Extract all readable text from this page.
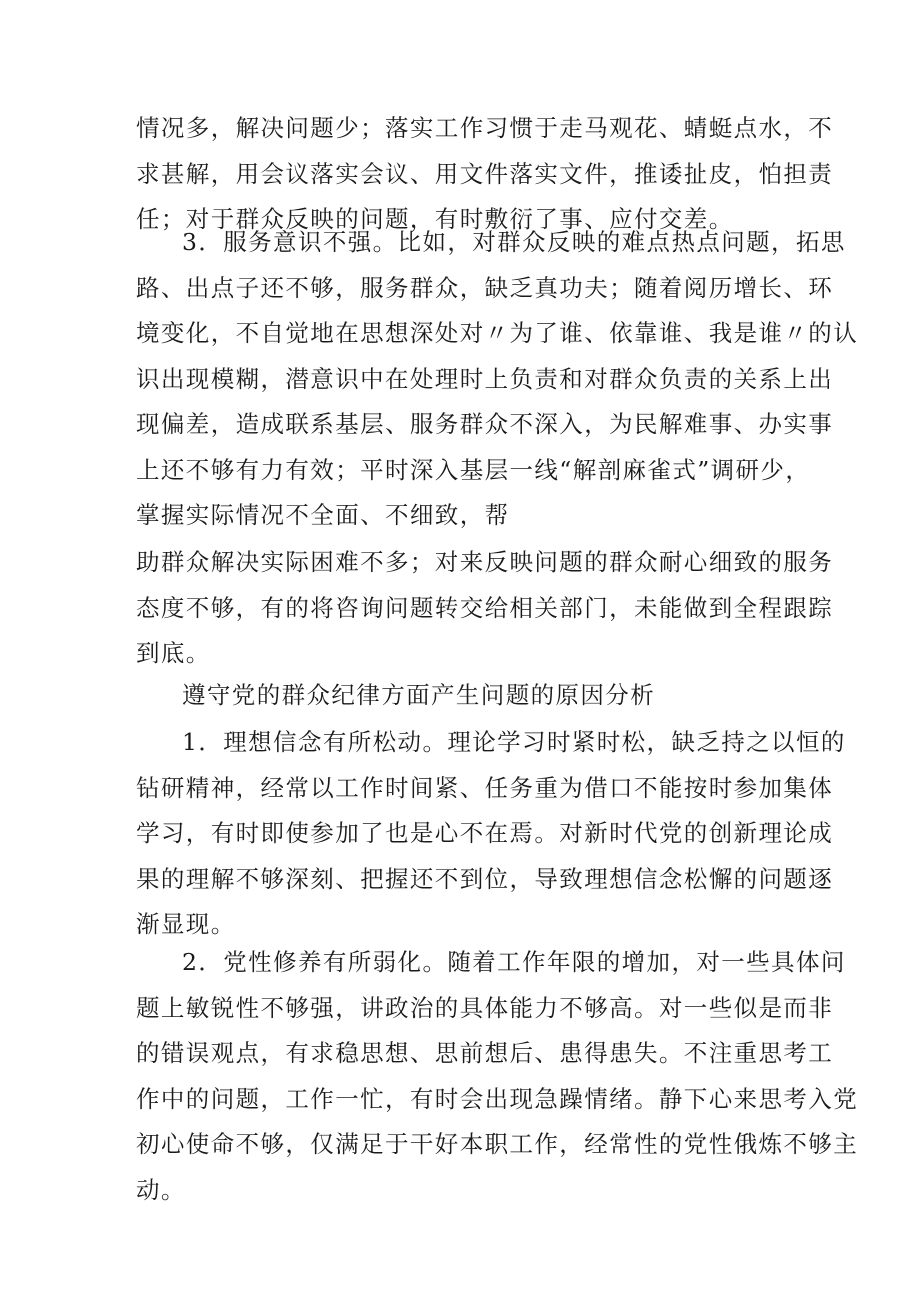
情况多，解决问题少；落实工作习惯于走马观花、蜻蜓点水，不
求甚解，用会议落实会议、用文件落实文件，推诿扯皮，怕担责
任；对于群众反映的问题，有时敷衍了事、应付交差。
3．服务意识不强。比如，对群众反映的难点热点问题，拓思
路、出点子还不够，服务群众，缺乏真功夫；随着阅历增长、环
境变化，不自觉地在思想深处对〃为了谁、依靠谁、我是谁〃的认
识出现模糊，潜意识中在处理时上负责和对群众负责的关系上出
现偏差，造成联系基层、服务群众不深入，为民解难事、办实事
上还不够有力有效；平时深入基层一线“解剖麻雀式”调研少，
掌握实际情况不全面、不细致，帮
助群众解决实际困难不多；对来反映问题的群众耐心细致的服务
态度不够，有的将咨询问题转交给相关部门，未能做到全程跟踪
到底。
遵守党的群众纪律方面产生问题的原因分析
1．理想信念有所松动。理论学习时紧时松，缺乏持之以恒的
钻研精神，经常以工作时间紧、任务重为借口不能按时参加集体
学习，有时即使参加了也是心不在焉。对新时代党的创新理论成
果的理解不够深刻、把握还不到位，导致理想信念松懈的问题逐
渐显现。
2．党性修养有所弱化。随着工作年限的增加，对一些具体问
题上敏锐性不够强，讲政治的具体能力不够高。对一些似是而非
的错误观点，有求稳思想、思前想后、患得患失。不注重思考工
作中的问题，工作一忙，有时会出现急躁情绪。静下心来思考入党
初心使命不够，仅满足于干好本职工作，经常性的党性俄炼不够主
动。
